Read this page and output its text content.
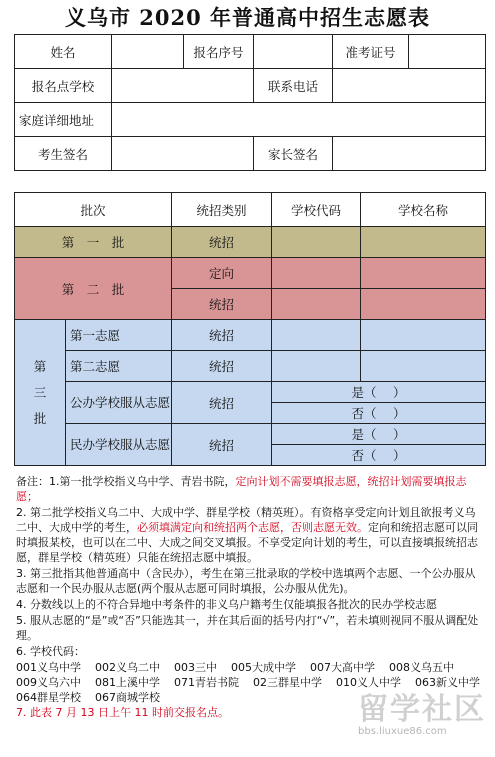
义乌市 2020 年普通高中招生志愿表
姓名		报名序号		准考证号	
报名点学校			联系电话		
家庭详细地址					
考生签名			家长签名		
批次		统招类别	学校代码	学校名称
第　一　批		统招		
第　二　批		定向		
		统招		

第
三
批	第一志愿	统招		
	第二志愿	统招		
	公办学校服从志愿	统招	是（　 ）	
			否（　 ）	
	民办学校服从志愿	统招	是（　 ）	
			否（　 ）	

备注：1.第一批学校指义乌中学、青岩书院，定向计划不需要填报志愿，统招计划需要填报志愿；

2. 第二批学校指义乌二中、大成中学、群星学校（精英班）。有资格享受定向计划且欲报考义乌二中、大成中学的考生，必须填满定向和统招两个志愿，否则志愿无效。定向和统招志愿可以同时填报某校，也可以在二中、大成之间交叉填报。不享受定向计划的考生，可以直接填报统招志愿，群星学校（精英班）只能在统招志愿中填报。

3. 第三批指其他普通高中（含民办），考生在第三批录取的学校中选填两个志愿、一个公办服从志愿和一个民办服从志愿(两个服从志愿可同时填报，公办服从优先)。

4. 分数线以上的不符合异地中考条件的非义乌户籍考生仅能填报各批次的民办学校志愿

5. 服从志愿的“是”或“否”只能选其一，并在其后面的括号内打“√”，若未填则视同不服从调配处理。

6. 学校代码：

001义乌中学 002义乌二中 003三中 005大成中学 007大高中学 008义乌五中
009义乌六中 081上溪中学 071青岩书院 02三群星中学 010义人中学 063新义中学
064群星学校 067商城学校

7. 此表 7 月 13 日上午 11 时前交报名点。	留学社区
bbs.liuxue86.com
